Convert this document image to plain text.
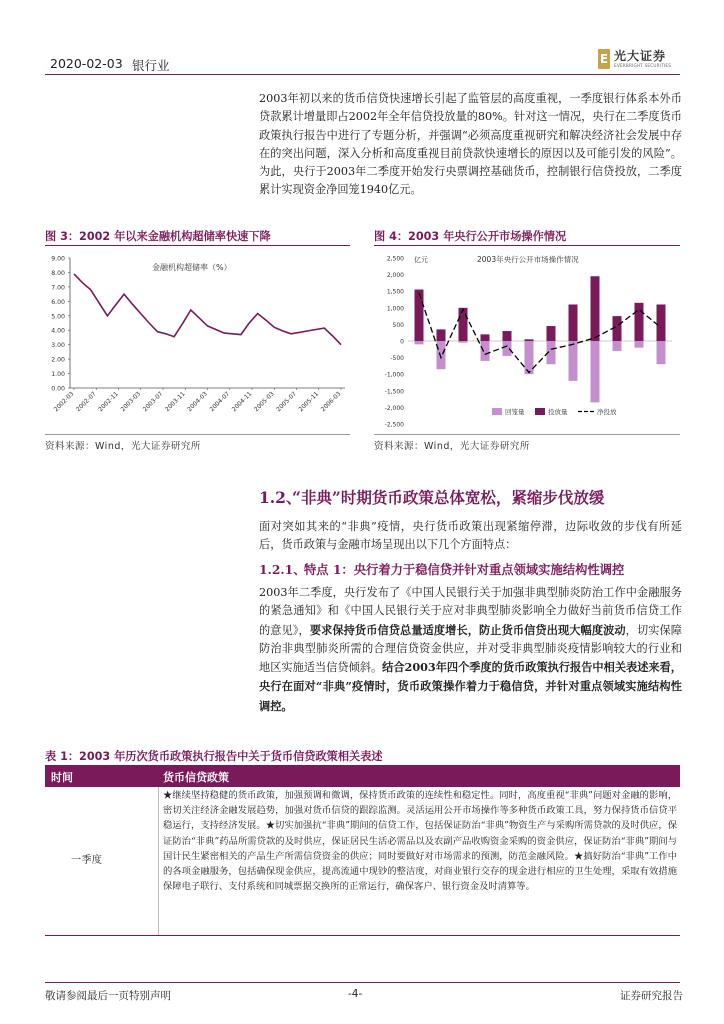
2020-02-03 银行业	E 光大证券
EVERBRIGHT SECURITIES
2003年初以来的货币信贷快速增长引起了监管层的高度重视，一季度银行体系本外币贷款累计增量即占2002年全年信贷投放量的80%。针对这一情况，央行在二季度货币政策执行报告中进行了专题分析，并强调“必须高度重视研究和解决经济社会发展中存在的突出问题，深入分析和高度重视目前贷款快速增长的原因以及可能引发的风险”。为此，央行于2003年二季度开始发行央票调控基础货币，控制银行信贷投放，二季度累计实现资金净回笼1940亿元。
图 3：2002 年以来金融机构超储率快速下降	图 4：2003 年央行公开市场操作情况
0.00
1.00
2.00
3.00
4.00
5.00
6.00
7.00
8.00
9.00
2002-03 2002-07 2002-11 2003-03 2003-07 2003-11 2004-03 2004-07 2004-11 2005-03 2005-07 2005-11 2006-03
金融机构超储率（%）
2,500
2,000
1,500
1,000
500
0
-500
-1,000
-1,500
-2,000
-2,500
2003年央行公开市场操作情况
亿元
回笼量	投放量	净投放
资料来源：Wind，光大证券研究所	资料来源：Wind，光大证券研究所
1.2、
“非典”时期货币政策总体宽松，紧缩步伐放缓
面对突如其来的“非典”疫情，央行货币政策出现紧缩停滞，边际收敛的步伐有所延后，货币政策与金融市场呈现出以下几个方面特点：
1.2.1、
特点 1：央行着力于稳信贷并针对重点领域实施结构性调控
2003年二季度，央行发布了《中国人民银行关于加强非典型肺炎防治工作中金融服务的紧急通知》和《中国人民银行关于应对非典型肺炎影响全力做好当前货币信贷工作的意见》，要求保持货币信贷总量适度增长，防止货币信贷出现大幅度波动，切实保障防治非典型肺炎所需的合理信贷资金供应，并对受非典型肺炎疫情影响较大的行业和地区实施适当信贷倾斜。结合2003年四个季度的货币政策执行报告中相关表述来看，央行在面对“非典”疫情时，货币政策操作着力于稳信贷，并针对重点领域实施结构性调控。
表 1：2003 年历次货币政策执行报告中关于货币信贷政策相关表述
时间	货币信贷政策
一季度
★继续坚持稳健的货币政策，加强预调和微调，保持货币政策的连续性和稳定性。同时，高度重视“非典”问题对金融的影响，密切关注经济金融发展趋势，加强对货币信贷的跟踪监测。灵活运用公开市场操作等多种货币政策工具，努力保持货币信贷平稳运行，支持经济发展。★切实加强抗“非典”期间的信贷工作，包括保证防治“非典”物资生产与采购所需贷款的及时供应，保证防治“非典”药品所需贷款的及时供应，保证居民生活必需品以及农副产品收购资金采购的资金供应，保证防治“非典”期间与国计民生紧密相关的产品生产所需信贷资金的供应；同时要做好对市场需求的预测，防范金融风险。★搞好防治“非典”工作中的各项金融服务，包括确保现金供应，提高流通中现钞的整洁度，对商业银行交存的现金进行相应的卫生处理，采取有效措施保障电子联行、支付系统和同城票据交换所的正常运行，确保客户、银行资金及时清算等。
敬请参阅最后一页特别声明	-4-	证券研究报告
